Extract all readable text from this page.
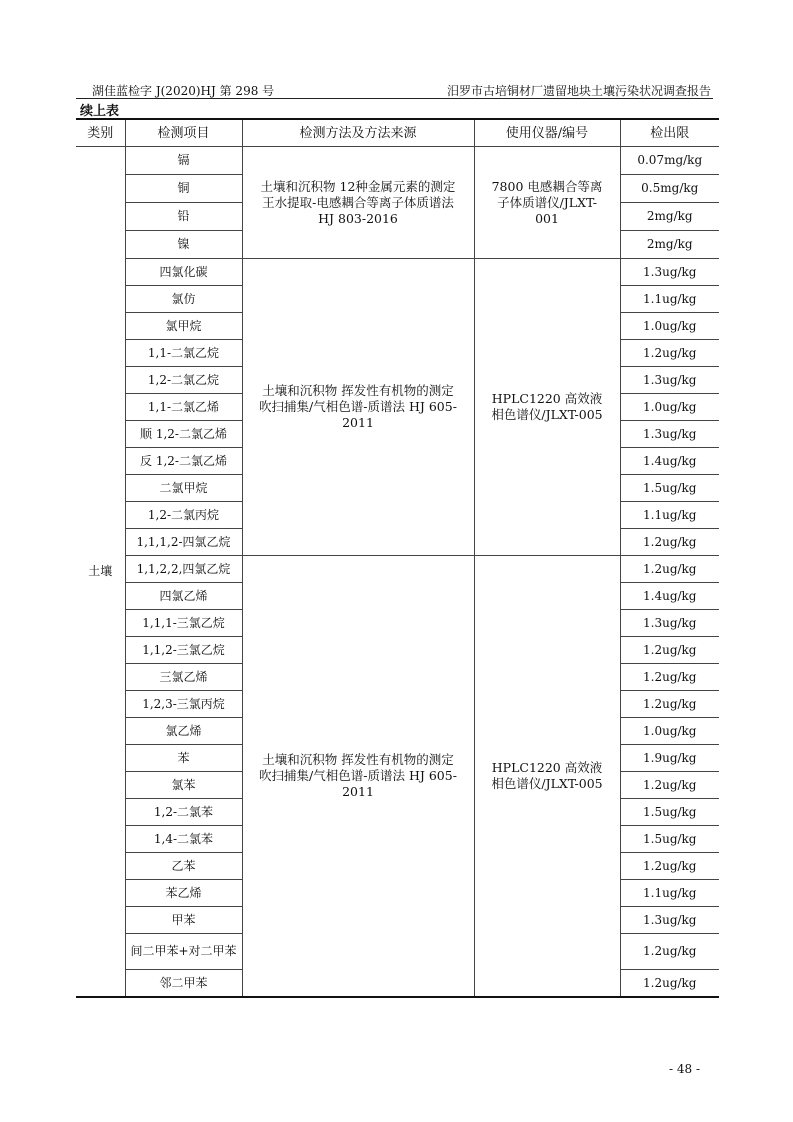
湖佳蓝检字 J(2020)HJ 第 298 号	汨罗市古培铜材厂遗留地块土壤污染状况调查报告
续上表
类别	检测项目	检测方法及方法来源	使用仪器/编号	检出限
土壤	镉	土壤和沉积物 12种金属元素的测定 王水提取-电感耦合等离子体质谱法 HJ 803-2016	7800 电感耦合等离子体质谱仪/JLXT-001	0.07mg/kg
	铜			0.5mg/kg
	铅			2mg/kg
	镍			2mg/kg
	四氯化碳	土壤和沉积物 挥发性有机物的测定 吹扫捕集/气相色谱-质谱法 HJ 605-2011	HPLC1220 高效液相色谱仪/JLXT-005	1.3ug/kg
	氯仿			1.1ug/kg
	氯甲烷			1.0ug/kg
	1,1-二氯乙烷			1.2ug/kg
	1,2-二氯乙烷			1.3ug/kg
	1,1-二氯乙烯			1.0ug/kg
	顺 1,2-二氯乙烯			1.3ug/kg
	反 1,2-二氯乙烯			1.4ug/kg
	二氯甲烷			1.5ug/kg
	1,2-二氯丙烷			1.1ug/kg
	1,1,1,2-四氯乙烷			1.2ug/kg
	1,1,2,2,四氯乙烷	土壤和沉积物 挥发性有机物的测定 吹扫捕集/气相色谱-质谱法 HJ 605-2011	HPLC1220 高效液相色谱仪/JLXT-005	1.2ug/kg
	四氯乙烯			1.4ug/kg
	1,1,1-三氯乙烷			1.3ug/kg
	1,1,2-三氯乙烷			1.2ug/kg
	三氯乙烯			1.2ug/kg
	1,2,3-三氯丙烷			1.2ug/kg
	氯乙烯			1.0ug/kg
	苯			1.9ug/kg
	氯苯			1.2ug/kg
	1,2-二氯苯			1.5ug/kg
	1,4-二氯苯			1.5ug/kg
	乙苯			1.2ug/kg
	苯乙烯			1.1ug/kg
	甲苯			1.3ug/kg
	间二甲苯+对二甲苯			1.2ug/kg
	邻二甲苯			1.2ug/kg
- 48 -
